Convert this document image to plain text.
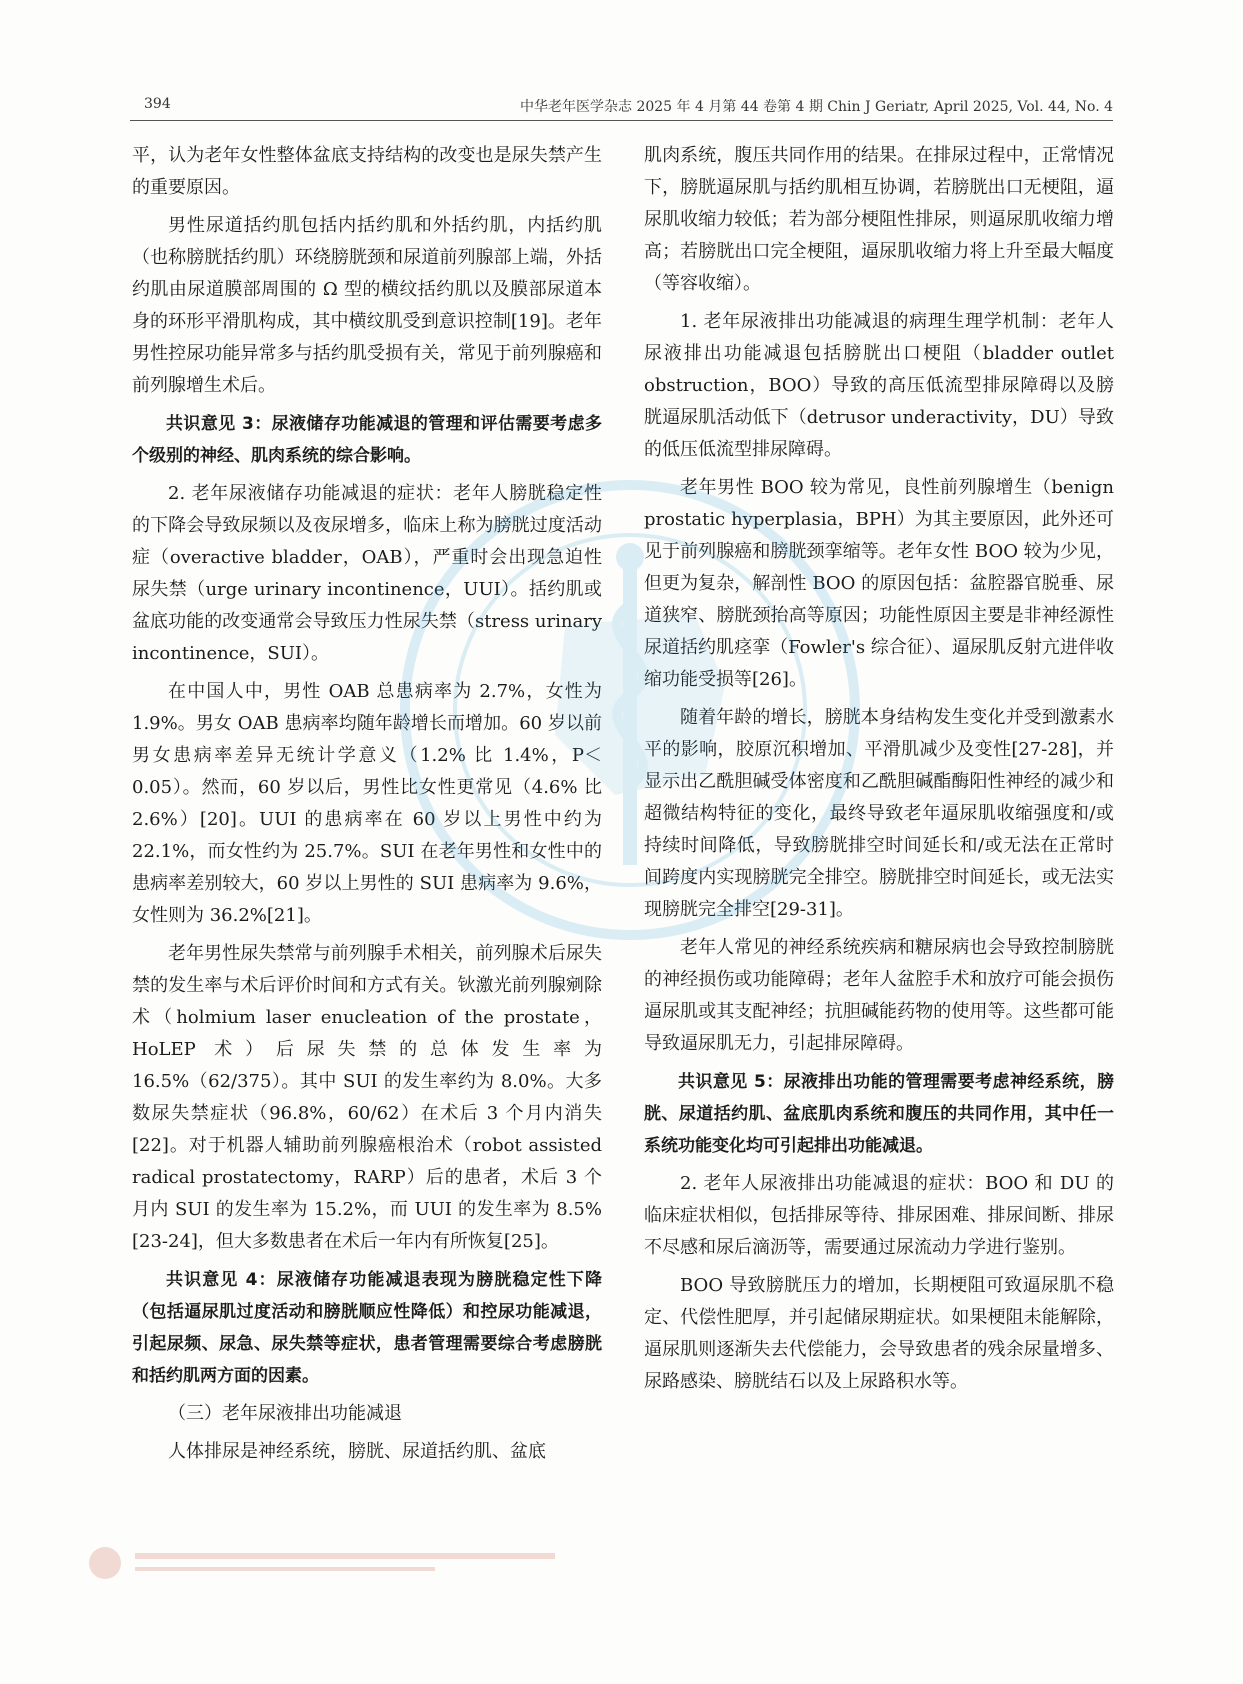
394	中华老年医学杂志 2025 年 4 月第 44 卷第 4 期 Chin J Geriatr, April 2025, Vol. 44, No. 4

平，认为老年女性整体盆底支持结构的改变也是尿失禁产生的重要原因。

男性尿道括约肌包括内括约肌和外括约肌，内括约肌（也称膀胱括约肌）环绕膀胱颈和尿道前列腺部上端，外括约肌由尿道膜部周围的 Ω 型的横纹括约肌以及膜部尿道本身的环形平滑肌构成，其中横纹肌受到意识控制[19]。老年男性控尿功能异常多与括约肌受损有关，常见于前列腺癌和前列腺增生术后。

共识意见 3：尿液储存功能减退的管理和评估需要考虑多个级别的神经、肌肉系统的综合影响。

2. 老年尿液储存功能减退的症状：老年人膀胱稳定性的下降会导致尿频以及夜尿增多，临床上称为膀胱过度活动症（overactive bladder，OAB），严重时会出现急迫性尿失禁（urge urinary incontinence，UUI）。括约肌或盆底功能的改变通常会导致压力性尿失禁（stress urinary incontinence，SUI）。

在中国人中，男性 OAB 总患病率为 2.7%，女性为 1.9%。男女 OAB 患病率均随年龄增长而增加。60 岁以前男女患病率差异无统计学意义（1.2% 比 1.4%，P＜0.05）。然而，60 岁以后，男性比女性更常见（4.6% 比 2.6%）[20]。UUI 的患病率在 60 岁以上男性中约为 22.1%，而女性约为 25.7%。SUI 在老年男性和女性中的患病率差别较大，60 岁以上男性的 SUI 患病率为 9.6%，女性则为 36.2%[21]。

老年男性尿失禁常与前列腺手术相关，前列腺术后尿失禁的发生率与术后评价时间和方式有关。钬激光前列腺剜除术（holmium laser enucleation of the prostate，HoLEP 术）后尿失禁的总体发生率为 16.5%（62/375）。其中 SUI 的发生率约为 8.0%。大多数尿失禁症状（96.8%，60/62）在术后 3 个月内消失[22]。对于机器人辅助前列腺癌根治术（robot assisted radical prostatectomy，RARP）后的患者，术后 3 个月内 SUI 的发生率为 15.2%，而 UUI 的发生率为 8.5%[23-24]，但大多数患者在术后一年内有所恢复[25]。

共识意见 4：尿液储存功能减退表现为膀胱稳定性下降（包括逼尿肌过度活动和膀胱顺应性降低）和控尿功能减退，引起尿频、尿急、尿失禁等症状，患者管理需要综合考虑膀胱和括约肌两方面的因素。

（三）老年尿液排出功能减退

人体排尿是神经系统，膀胱、尿道括约肌、盆底

肌肉系统，腹压共同作用的结果。在排尿过程中，正常情况下，膀胱逼尿肌与括约肌相互协调，若膀胱出口无梗阻，逼尿肌收缩力较低；若为部分梗阻性排尿，则逼尿肌收缩力增高；若膀胱出口完全梗阻，逼尿肌收缩力将上升至最大幅度（等容收缩）。

1. 老年尿液排出功能减退的病理生理学机制：老年人尿液排出功能减退包括膀胱出口梗阻（bladder outlet obstruction，BOO）导致的高压低流型排尿障碍以及膀胱逼尿肌活动低下（detrusor underactivity，DU）导致的低压低流型排尿障碍。

老年男性 BOO 较为常见，良性前列腺增生（benign prostatic hyperplasia，BPH）为其主要原因，此外还可见于前列腺癌和膀胱颈挛缩等。老年女性 BOO 较为少见，但更为复杂，解剖性 BOO 的原因包括：盆腔器官脱垂、尿道狭窄、膀胱颈抬高等原因；功能性原因主要是非神经源性尿道括约肌痉挛（Fowler's 综合征）、逼尿肌反射亢进伴收缩功能受损等[26]。

随着年龄的增长，膀胱本身结构发生变化并受到激素水平的影响，胶原沉积增加、平滑肌减少及变性[27-28]，并显示出乙酰胆碱受体密度和乙酰胆碱酯酶阳性神经的减少和超微结构特征的变化，最终导致老年逼尿肌收缩强度和/或持续时间降低，导致膀胱排空时间延长和/或无法在正常时间跨度内实现膀胱完全排空。膀胱排空时间延长，或无法实现膀胱完全排空[29-31]。

老年人常见的神经系统疾病和糖尿病也会导致控制膀胱的神经损伤或功能障碍；老年人盆腔手术和放疗可能会损伤逼尿肌或其支配神经；抗胆碱能药物的使用等。这些都可能导致逼尿肌无力，引起排尿障碍。

共识意见 5：尿液排出功能的管理需要考虑神经系统，膀胱、尿道括约肌、盆底肌肉系统和腹压的共同作用，其中任一系统功能变化均可引起排出功能减退。

2. 老年人尿液排出功能减退的症状：BOO 和 DU 的临床症状相似，包括排尿等待、排尿困难、排尿间断、排尿不尽感和尿后滴沥等，需要通过尿流动力学进行鉴别。

BOO 导致膀胱压力的增加，长期梗阻可致逼尿肌不稳定、代偿性肥厚，并引起储尿期症状。如果梗阻未能解除，逼尿肌则逐渐失去代偿能力，会导致患者的残余尿量增多、尿路感染、膀胱结石以及上尿路积水等。
